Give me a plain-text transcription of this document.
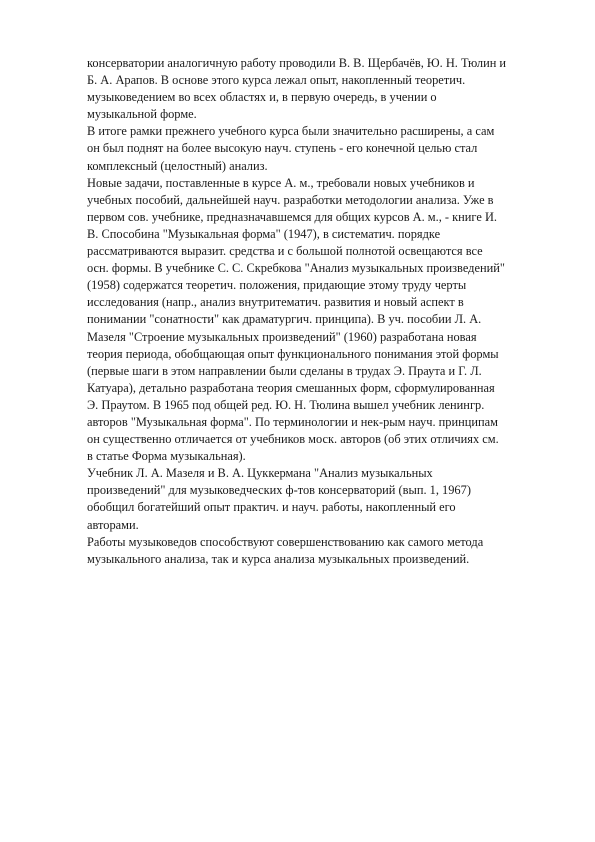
консерватории аналогичную работу проводили В. В. Щербачёв, Ю. Н. Тюлин и
Б. А. Арапов. В основе этого курса лежал опыт, накопленный теоретич.
музыковедением во всех областях и, в первую очередь, в учении о
музыкальной форме.

В итоге рамки прежнего учебного курса были значительно расширены, а сам
он был поднят на более высокую науч. ступень - его конечной целью стал
комплексный (целостный) анализ.

Новые задачи, поставленные в курсе А. м., требовали новых учебников и
учебных пособий, дальнейшей науч. разработки методологии анализа. Уже в
первом сов. учебнике, предназначавшемся для общих курсов А. м., - книге И.
В. Способина "Музыкальная форма" (1947), в систематич. порядке
рассматриваются выразит. средства и с большой полнотой освещаются все
осн. формы. В учебнике С. С. Скребкова "Анализ музыкальных произведений"
(1958) содержатся теоретич. положения, придающие этому труду черты
исследования (напр., анализ внутритематич. развития и новый аспект в
понимании "сонатности" как драматургич. принципа). В уч. пособии Л. А.
Мазеля "Строение музыкальных произведений" (1960) разработана новая
теория периода, обобщающая опыт функционального понимания этой формы
(первые шаги в этом направлении были сделаны в трудах Э. Праута и Г. Л.
Катуара), детально разработана теория смешанных форм, сформулированная
Э. Праутом. В 1965 под общей ред. Ю. Н. Тюлина вышел учебник ленингр.
авторов "Музыкальная форма". По терминологии и нек-рым науч. принципам
он существенно отличается от учебников моск. авторов (об этих отличиях см.
в статье Форма музыкальная).

Учебник Л. А. Мазеля и В. А. Цуккермана "Анализ музыкальных
произведений" для музыковедческих ф-тов консерваторий (вып. 1, 1967)
обобщил богатейший опыт практич. и науч. работы, накопленный его
авторами.

Работы музыковедов способствуют совершенствованию как самого метода
музыкального анализа, так и курса анализа музыкальных произведений.
